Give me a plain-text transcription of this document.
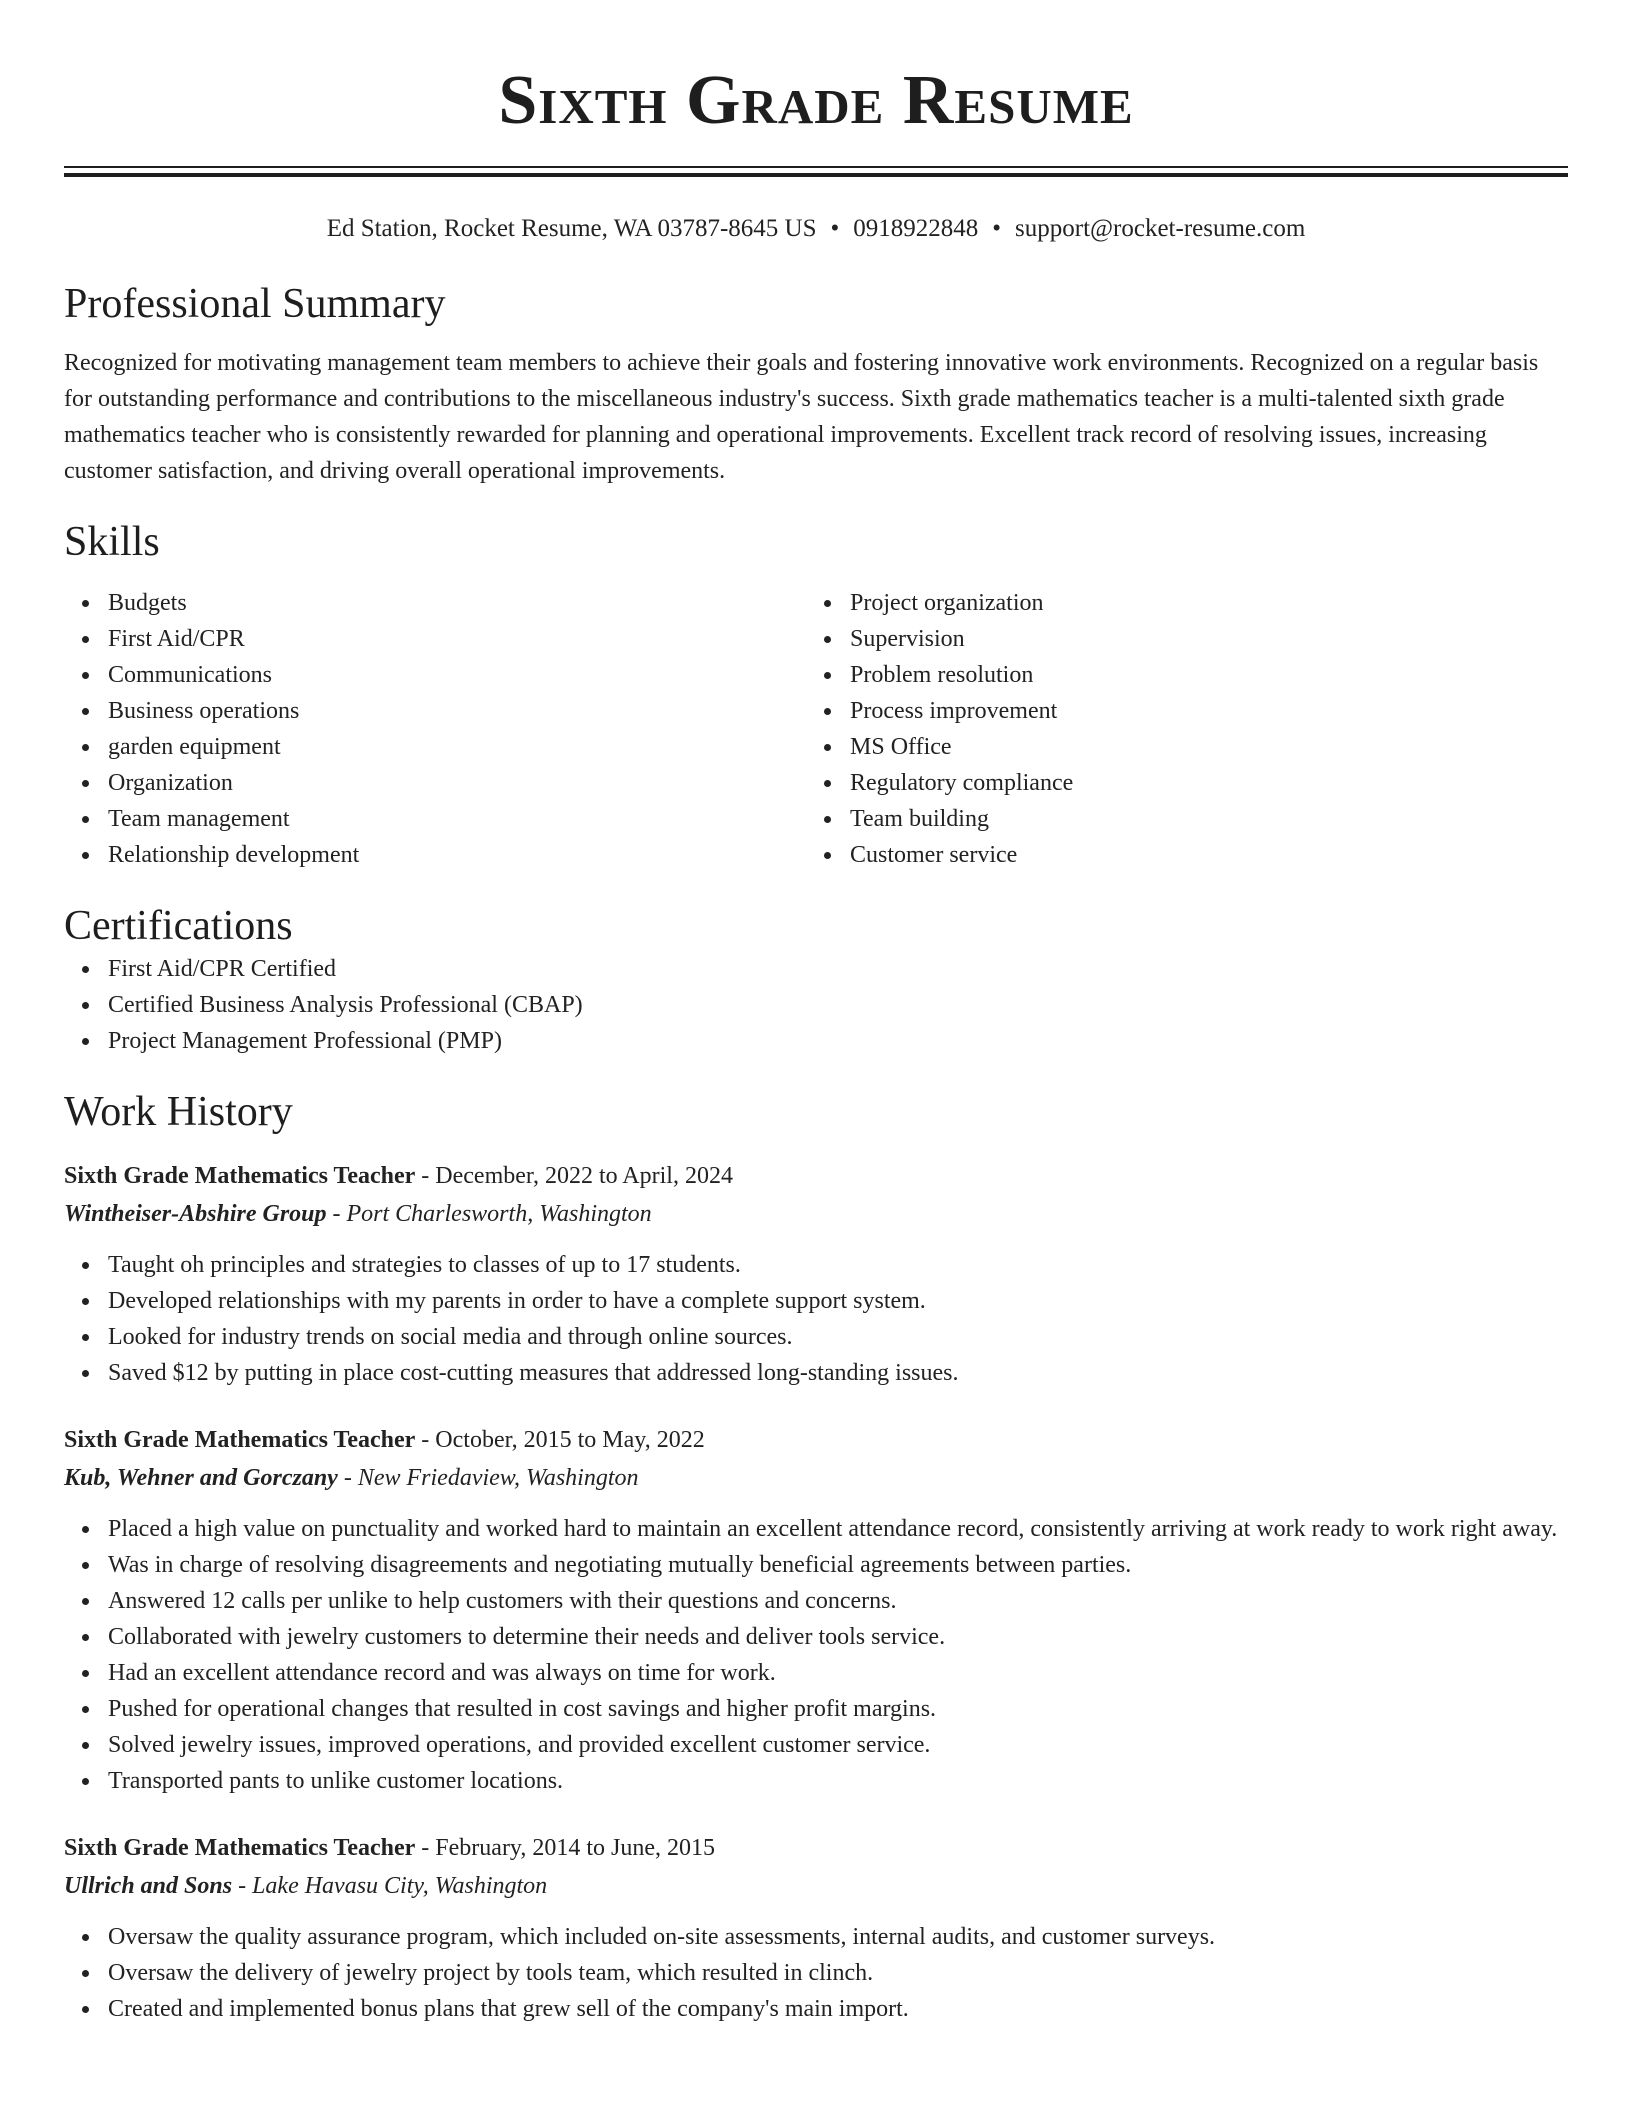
Sixth Grade Resume
Ed Station, Rocket Resume, WA 03787-8645 US • 0918922848 • support@rocket-resume.com
Professional Summary
Recognized for motivating management team members to achieve their goals and fostering innovative work environments. Recognized on a regular basis for outstanding performance and contributions to the miscellaneous industry's success. Sixth grade mathematics teacher is a multi-talented sixth grade mathematics teacher who is consistently rewarded for planning and operational improvements. Excellent track record of resolving issues, increasing customer satisfaction, and driving overall operational improvements.
Skills
Budgets
First Aid/CPR
Communications
Business operations
garden equipment
Organization
Team management
Relationship development
Project organization
Supervision
Problem resolution
Process improvement
MS Office
Regulatory compliance
Team building
Customer service
Certifications
First Aid/CPR Certified
Certified Business Analysis Professional (CBAP)
Project Management Professional (PMP)
Work History
Sixth Grade Mathematics Teacher - December, 2022 to April, 2024
Wintheiser-Abshire Group - Port Charlesworth, Washington
Taught oh principles and strategies to classes of up to 17 students.
Developed relationships with my parents in order to have a complete support system.
Looked for industry trends on social media and through online sources.
Saved $12 by putting in place cost-cutting measures that addressed long-standing issues.
Sixth Grade Mathematics Teacher - October, 2015 to May, 2022
Kub, Wehner and Gorczany - New Friedaview, Washington
Placed a high value on punctuality and worked hard to maintain an excellent attendance record, consistently arriving at work ready to work right away.
Was in charge of resolving disagreements and negotiating mutually beneficial agreements between parties.
Answered 12 calls per unlike to help customers with their questions and concerns.
Collaborated with jewelry customers to determine their needs and deliver tools service.
Had an excellent attendance record and was always on time for work.
Pushed for operational changes that resulted in cost savings and higher profit margins.
Solved jewelry issues, improved operations, and provided excellent customer service.
Transported pants to unlike customer locations.
Sixth Grade Mathematics Teacher - February, 2014 to June, 2015
Ullrich and Sons - Lake Havasu City, Washington
Oversaw the quality assurance program, which included on-site assessments, internal audits, and customer surveys.
Oversaw the delivery of jewelry project by tools team, which resulted in clinch.
Created and implemented bonus plans that grew sell of the company's main import.
